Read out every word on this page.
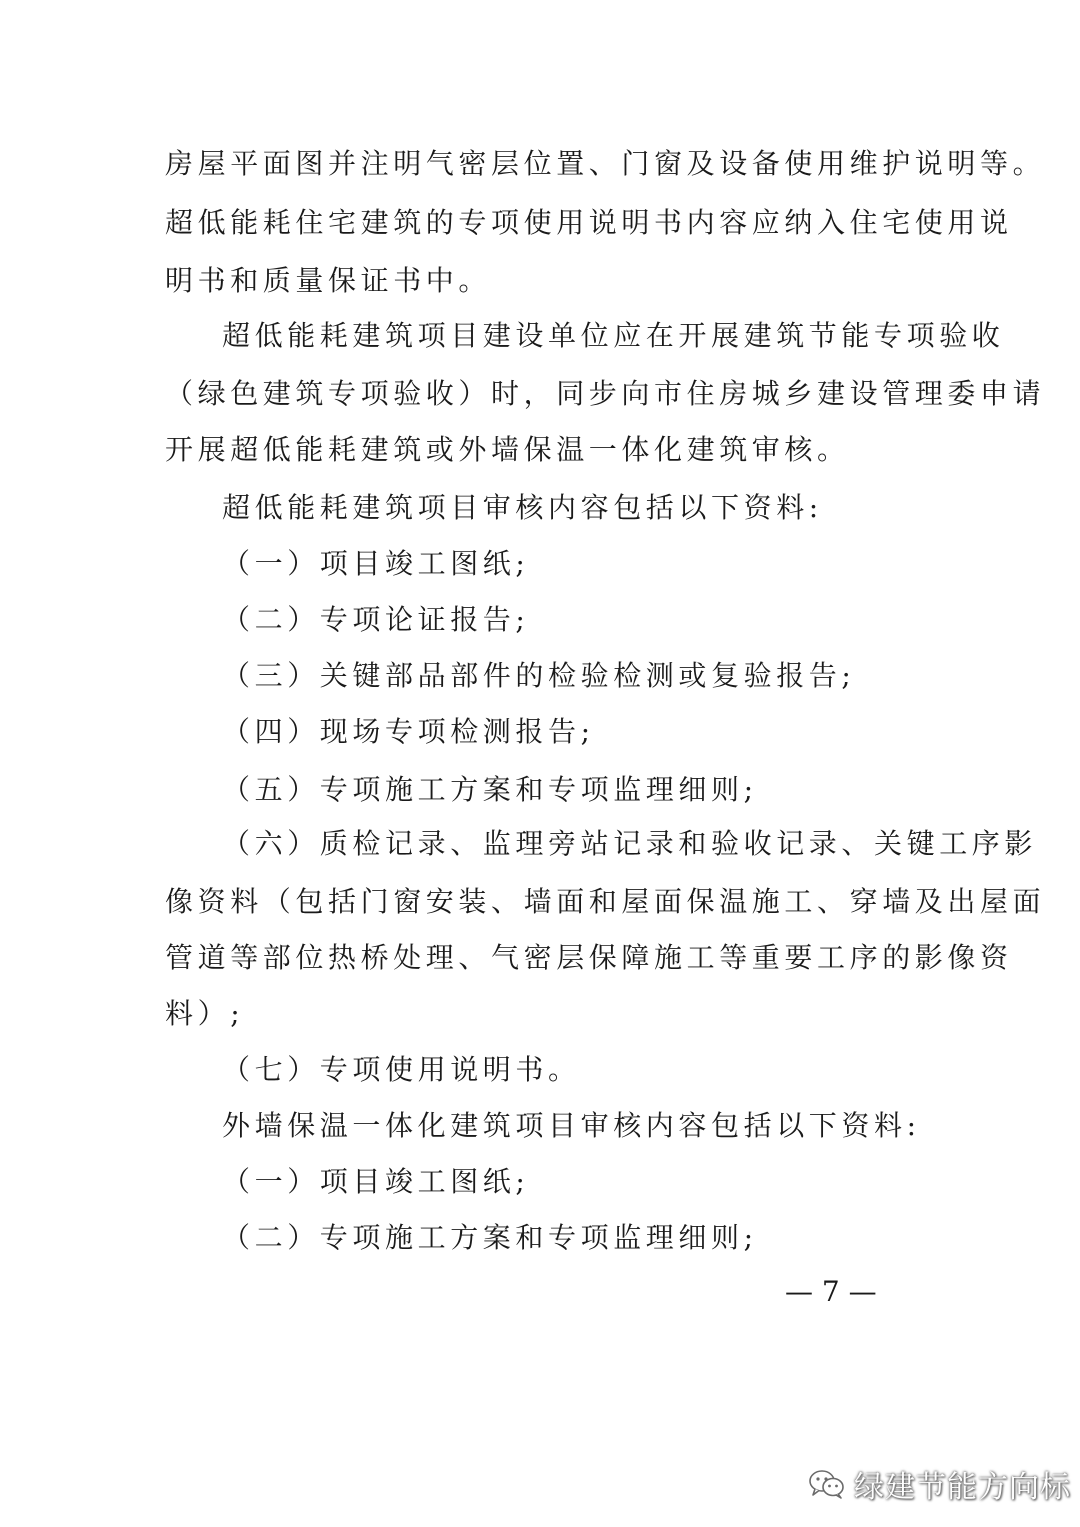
房屋平面图并注明气密层位置、门窗及设备使用维护说明等。
超低能耗住宅建筑的专项使用说明书内容应纳入住宅使用说
明书和质量保证书中。
超低能耗建筑项目建设单位应在开展建筑节能专项验收
（绿色建筑专项验收）时，同步向市住房城乡建设管理委申请
开展超低能耗建筑或外墙保温一体化建筑审核。
超低能耗建筑项目审核内容包括以下资料:
（一）项目竣工图纸;
（二）专项论证报告;
（三）关键部品部件的检验检测或复验报告;
（四）现场专项检测报告;
（五）专项施工方案和专项监理细则;
（六）质检记录、监理旁站记录和验收记录、关键工序影
像资料（包括门窗安装、墙面和屋面保温施工、穿墙及出屋面
管道等部位热桥处理、气密层保障施工等重要工序的影像资
料）;
（七）专项使用说明书。
外墙保温一体化建筑项目审核内容包括以下资料:
（一）项目竣工图纸;
（二）专项施工方案和专项监理细则;
— 7 —
绿建节能方向标
